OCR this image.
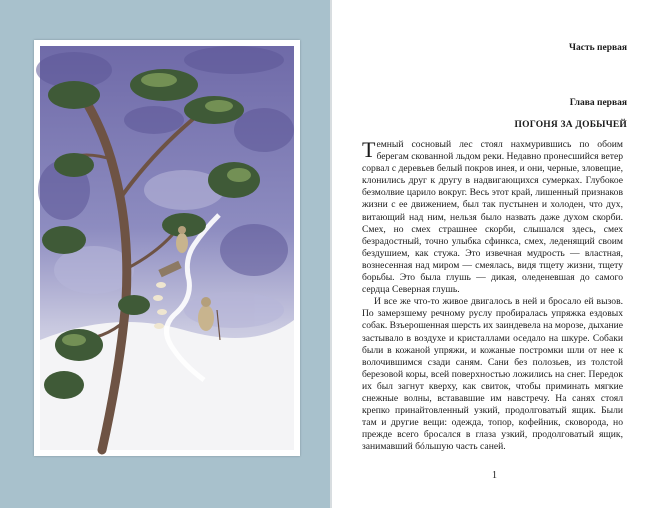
Часть первая
Глава первая
ПОГОНЯ ЗА ДОБЫЧЕЙ

Темный сосновый лес стоял нахмурившись по обоим берегам скованной льдом реки. Недавно пронесшийся ветер сорвал с деревьев белый покров инея, и они, черные, зловещие, клонились друг к другу в надвигающихся сумерках. Глубокое безмолвие царило вокруг. Весь этот край, лишенный признаков жизни с ее движением, был так пустынен и холоден, что дух, витающий над ним, нельзя было назвать даже духом скорби. Смех, но смех страшнее скорби, слышался здесь, смех безрадостный, точно улыбка сфинкса, смех, леденящий своим бездушием, как стужа. Это извечная мудрость — властная, вознесенная над миром — смеялась, видя тщету жизни, тщету борьбы. Это была глушь — дикая, оледеневшая до самого сердца Северная глушь.

И все же что-то живое двигалось в ней и бросало ей вызов. По замерзшему речному руслу пробиралась упряжка ездовых собак. Взъерошенная шерсть их заиндевела на морозе, дыхание застывало в воздухе и кристаллами оседало на шкуре. Собаки были в кожаной упряжи, и кожаные постромки шли от нее к волочившимся сзади саням. Сани без полозьев, из толстой березовой коры, всей поверхностью ложились на снег. Передок их был загнут кверху, как свиток, чтобы приминать мягкие снежные волны, встававшие им навстречу. На санях стоял крепко принайтовленный узкий, продолговатый ящик. Были там и другие вещи: одежда, топор, кофейник, сковорода, но прежде всего бросался в глаза узкий, продолговатый ящик, занимавший бóльшую часть саней.

1
